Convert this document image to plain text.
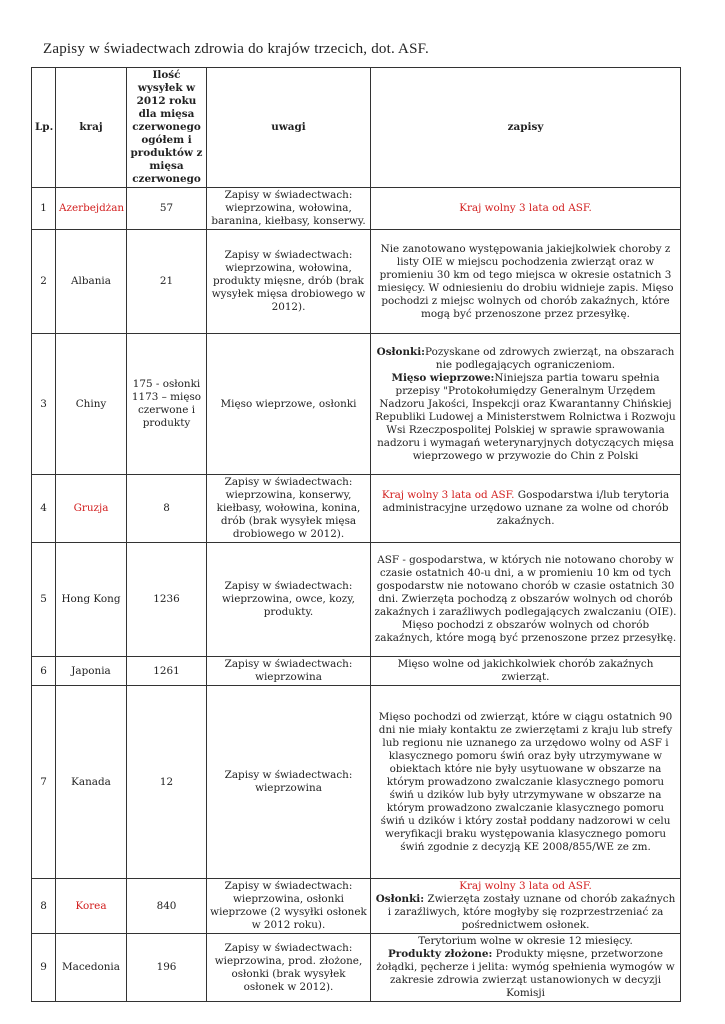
Zapisy w świadectwach zdrowia do krajów trzecich, dot. ASF.
Lp.	kraj	Ilość wysyłek w 2012 roku dla mięsa czerwonego ogółem i produktów z mięsa czerwonego	uwagi	zapisy
1	Azerbejdżan	57	Zapisy w świadectwach: wieprzowina, wołowina, baranina, kiełbasy, konserwy.	Kraj wolny 3 lata od ASF.
2	Albania	21	Zapisy w świadectwach: wieprzowina, wołowina, produkty mięsne, drób (brak wysyłek mięsa drobiowego w 2012).	Nie zanotowano występowania jakiejkolwiek choroby z listy OIE w miejscu pochodzenia zwierząt oraz w promieniu 30 km od tego miejsca w okresie ostatnich 3 miesięcy. W odniesieniu do drobiu widnieje zapis. Mięso pochodzi z miejsc wolnych od chorób zakaźnych, które mogą być przenoszone przez przesyłkę.
3	Chiny	175 - osłonki 1173 – mięso czerwone i produkty	Mięso wieprzowe, osłonki	Osłonki:Pozyskane od zdrowych zwierząt, na obszarach nie podlegających ograniczeniom.
Mięso wieprzowe:Niniejsza partia towaru spełnia przepisy "Protokołumiędzy Generalnym Urzędem Nadzoru Jakości, Inspekcji oraz Kwarantanny Chińskiej Republiki Ludowej a Ministerstwem Rolnictwa i Rozwoju Wsi Rzeczpospolitej Polskiej w sprawie sprawowania nadzoru i wymagań weterynaryjnych dotyczących mięsa wieprzowego w przywozie do Chin z Polski
4	Gruzja	8	Zapisy w świadectwach: wieprzowina, konserwy, kiełbasy, wołowina, konina, drób (brak wysyłek mięsa drobiowego w 2012).	Kraj wolny 3 lata od ASF. Gospodarstwa i/lub terytoria administracyjne urzędowo uznane za wolne od chorób zakaźnych.
5	Hong Kong	1236	Zapisy w świadectwach: wieprzowina, owce, kozy, produkty.	ASF - gospodarstwa, w których nie notowano choroby w czasie ostatnich 40-u dni, a w promieniu 10 km od tych gospodarstw nie notowano chorób w czasie ostatnich 30 dni. Zwierzęta pochodzą z obszarów wolnych od chorób zakaźnych i zaraźliwych podlegających zwalczaniu (OIE). Mięso pochodzi z obszarów wolnych od chorób zakaźnych, które mogą być przenoszone przez przesyłkę.
6	Japonia	1261	Zapisy w świadectwach: wieprzowina	Mięso wolne od jakichkolwiek chorób zakaźnych zwierząt.
7	Kanada	12	Zapisy w świadectwach: wieprzowina	Mięso pochodzi od zwierząt, które w ciągu ostatnich 90 dni nie miały kontaktu ze zwierzętami z kraju lub strefy lub regionu nie uznanego za urzędowo wolny od ASF i klasycznego pomoru świń oraz były utrzymywane w obiektach które nie były usytuowane w obszarze na którym prowadzono zwalczanie klasycznego pomoru świń u dzików lub były utrzymywane w obszarze na którym prowadzono zwalczanie klasycznego pomoru świń u dzików i który został poddany nadzorowi w celu weryfikacji braku występowania klasycznego pomoru świń zgodnie z decyzją KE 2008/855/WE ze zm.
8	Korea	840	Zapisy w świadectwach: wieprzowina, osłonki wieprzowe (2 wysyłki osłonek w 2012 roku).	Kraj wolny 3 lata od ASF.
Osłonki: Zwierzęta zostały uznane od chorób zakaźnych i zaraźliwych, które mogłyby się rozprzestrzeniać za pośrednictwem osłonek.
9	Macedonia	196	Zapisy w świadectwach: wieprzowina, prod. złożone, osłonki (brak wysyłek osłonek w 2012).	Terytorium wolne w okresie 12 miesięcy.
Produkty złożone: Produkty mięsne, przetworzone żołądki, pęcherze i jelita: wymóg spełnienia wymogów w zakresie zdrowia zwierząt ustanowionych w decyzji Komisji
